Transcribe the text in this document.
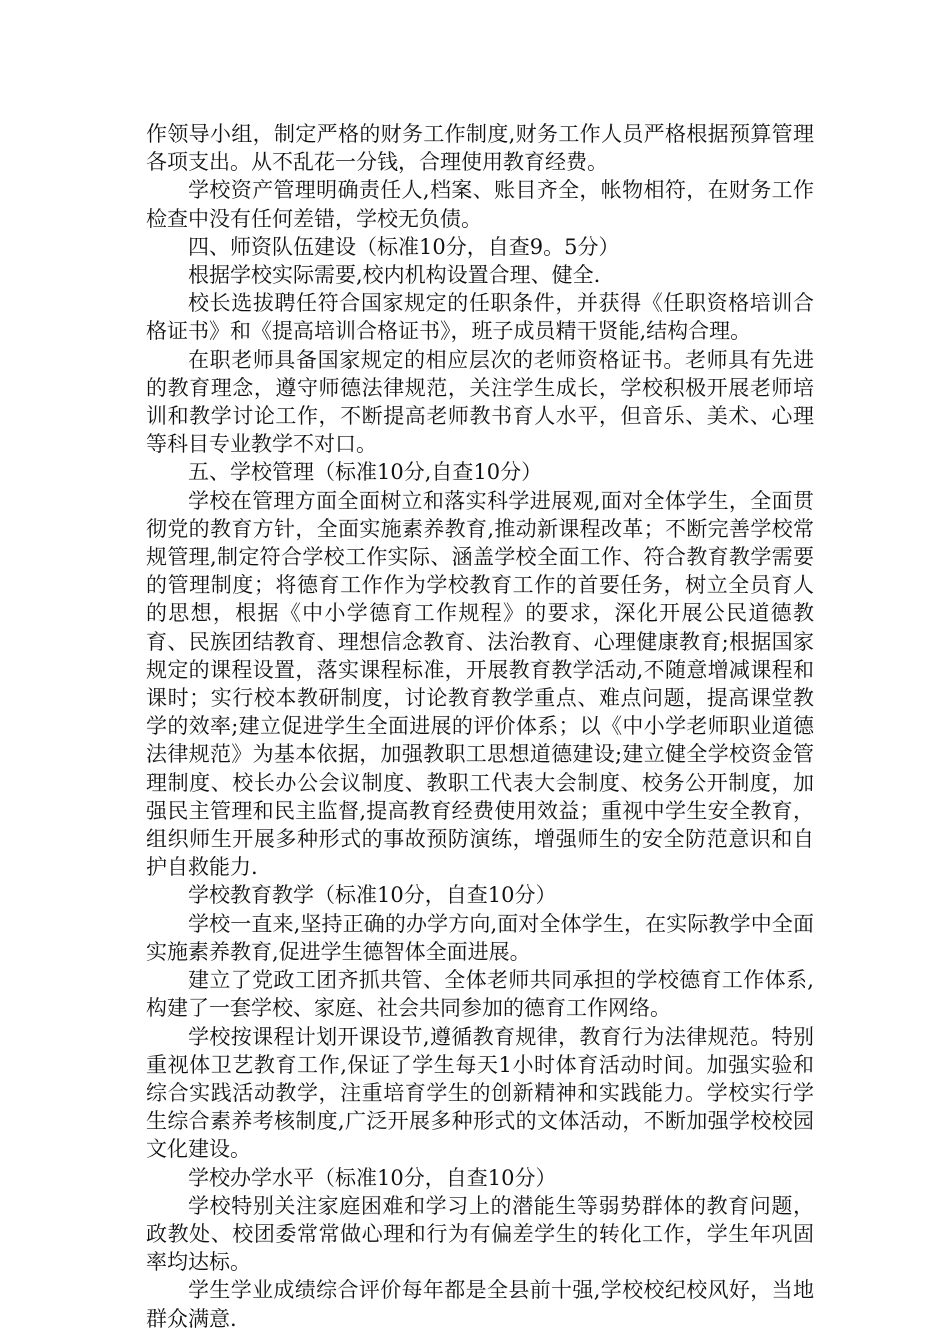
作领导小组，制定严格的财务工作制度,财务工作人员严格根据预算管理各项支出。从不乱花一分钱，合理使用教育经费。

学校资产管理明确责任人,档案、账目齐全，帐物相符，在财务工作检查中没有任何差错，学校无负债。

四、师资队伍建设（标准10分，自查9。5分）

根据学校实际需要,校内机构设置合理、健全.

校长选拔聘任符合国家规定的任职条件，并获得《任职资格培训合格证书》和《提高培训合格证书》，班子成员精干贤能,结构合理。

在职老师具备国家规定的相应层次的老师资格证书。老师具有先进的教育理念，遵守师德法律规范，关注学生成长，学校积极开展老师培训和教学讨论工作，不断提高老师教书育人水平，但音乐、美术、心理等科目专业教学不对口。

五、学校管理（标准10分,自查10分）

学校在管理方面全面树立和落实科学进展观,面对全体学生，全面贯彻党的教育方针，全面实施素养教育,推动新课程改革；不断完善学校常规管理,制定符合学校工作实际、涵盖学校全面工作、符合教育教学需要的管理制度；将德育工作作为学校教育工作的首要任务，树立全员育人的思想，根据《中小学德育工作规程》的要求，深化开展公民道德教育、民族团结教育、理想信念教育、法治教育、心理健康教育;根据国家规定的课程设置，落实课程标准，开展教育教学活动,不随意增减课程和课时；实行校本教研制度，讨论教育教学重点、难点问题，提高课堂教学的效率;建立促进学生全面进展的评价体系；以《中小学老师职业道德法律规范》为基本依据，加强教职工思想道德建设;建立健全学校资金管理制度、校长办公会议制度、教职工代表大会制度、校务公开制度，加强民主管理和民主监督,提高教育经费使用效益；重视中学生安全教育，组织师生开展多种形式的事故预防演练，增强师生的安全防范意识和自护自救能力.

学校教育教学（标准10分，自查10分）

学校一直来,坚持正确的办学方向,面对全体学生，在实际教学中全面实施素养教育,促进学生德智体全面进展。

建立了党政工团齐抓共管、全体老师共同承担的学校德育工作体系,构建了一套学校、家庭、社会共同参加的德育工作网络。

学校按课程计划开课设节,遵循教育规律，教育行为法律规范。特别重视体卫艺教育工作,保证了学生每天1小时体育活动时间。加强实验和综合实践活动教学，注重培育学生的创新精神和实践能力。学校实行学生综合素养考核制度,广泛开展多种形式的文体活动，不断加强学校校园文化建设。

学校办学水平（标准10分，自查10分）

学校特别关注家庭困难和学习上的潜能生等弱势群体的教育问题，政教处、校团委常常做心理和行为有偏差学生的转化工作，学生年巩固率均达标。

学生学业成绩综合评价每年都是全县前十强,学校校纪校风好，当地群众满意.
